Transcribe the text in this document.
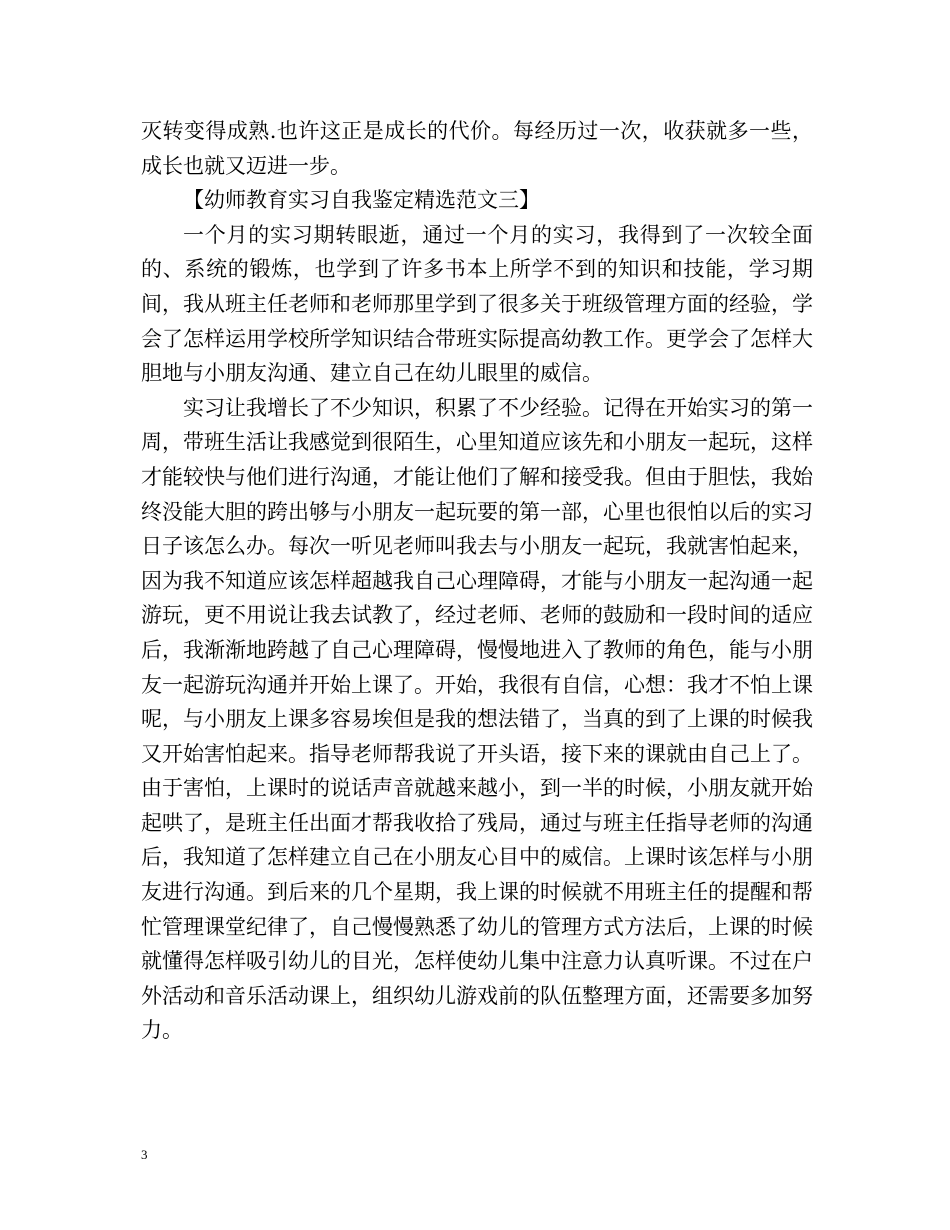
灭转变得成熟.也许这正是成长的代价。每经历过一次，收获就多一些，成长也就又迈进一步。

【幼师教育实习自我鉴定精选范文三】

一个月的实习期转眼逝，通过一个月的实习，我得到了一次较全面的、系统的锻炼，也学到了许多书本上所学不到的知识和技能，学习期间，我从班主任老师和老师那里学到了很多关于班级管理方面的经验，学会了怎样运用学校所学知识结合带班实际提高幼教工作。更学会了怎样大胆地与小朋友沟通、建立自己在幼儿眼里的威信。

实习让我增长了不少知识，积累了不少经验。记得在开始实习的第一周，带班生活让我感觉到很陌生，心里知道应该先和小朋友一起玩，这样才能较快与他们进行沟通，才能让他们了解和接受我。但由于胆怯，我始终没能大胆的跨出够与小朋友一起玩要的第一部，心里也很怕以后的实习日子该怎么办。每次一听见老师叫我去与小朋友一起玩，我就害怕起来，因为我不知道应该怎样超越我自己心理障碍，才能与小朋友一起沟通一起游玩，更不用说让我去试教了，经过老师、老师的鼓励和一段时间的适应后，我渐渐地跨越了自己心理障碍，慢慢地进入了教师的角色，能与小朋友一起游玩沟通并开始上课了。开始，我很有自信，心想：我才不怕上课呢，与小朋友上课多容易埃但是我的想法错了，当真的到了上课的时候我又开始害怕起来。指导老师帮我说了开头语，接下来的课就由自己上了。由于害怕，上课时的说话声音就越来越小，到一半的时候，小朋友就开始起哄了，是班主任出面才帮我收拾了残局，通过与班主任指导老师的沟通后，我知道了怎样建立自己在小朋友心目中的威信。上课时该怎样与小朋友进行沟通。到后来的几个星期，我上课的时候就不用班主任的提醒和帮忙管理课堂纪律了，自己慢慢熟悉了幼儿的管理方式方法后，上课的时候就懂得怎样吸引幼儿的目光，怎样使幼儿集中注意力认真听课。不过在户外活动和音乐活动课上，组织幼儿游戏前的队伍整理方面，还需要多加努力。

3
